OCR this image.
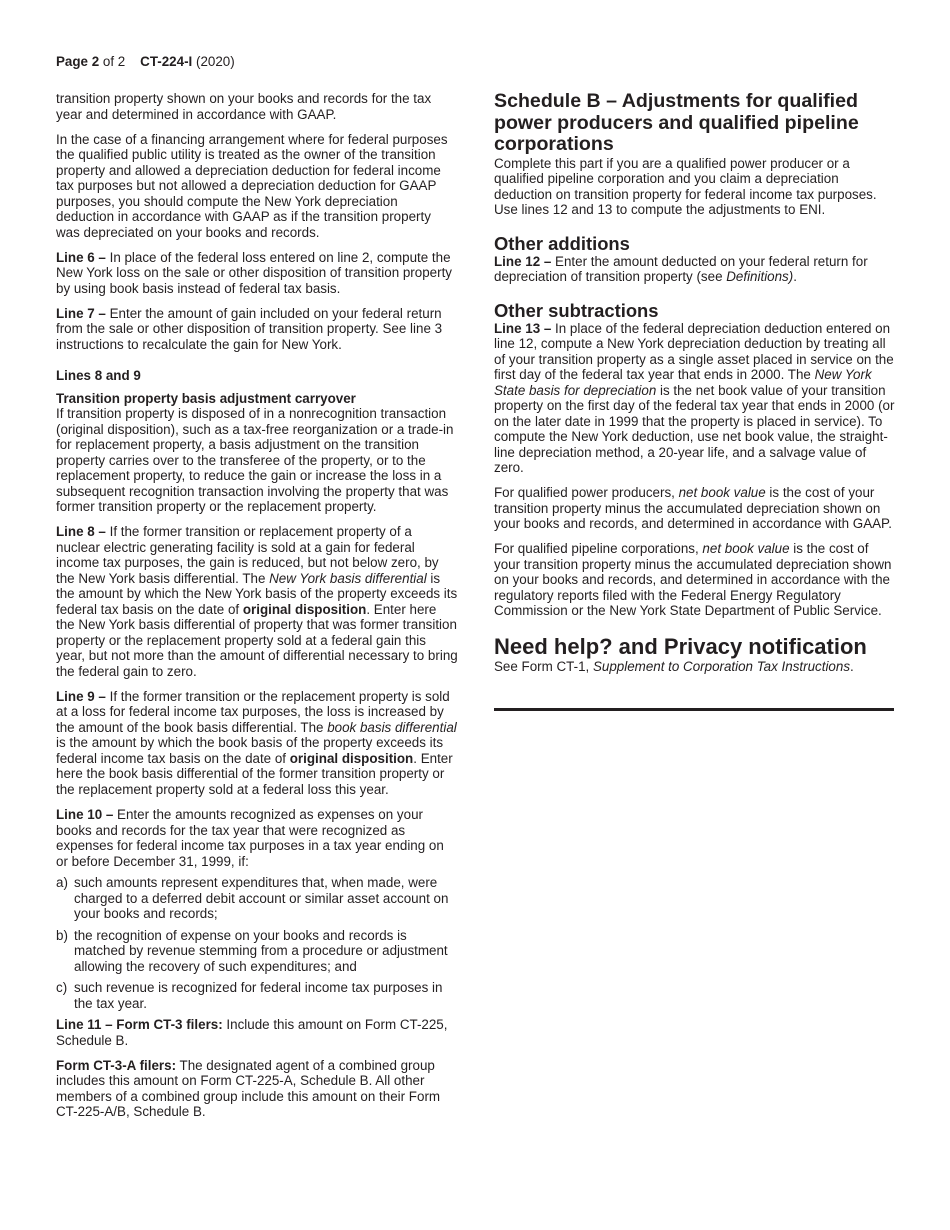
Page 2 of 2 CT-224-I (2020)

transition property shown on your books and records for the tax year and determined in accordance with GAAP.

In the case of a financing arrangement where for federal purposes the qualified public utility is treated as the owner of the transition property and allowed a depreciation deduction for federal income tax purposes but not allowed a depreciation deduction for GAAP purposes, you should compute the New York depreciation deduction in accordance with GAAP as if the transition property was depreciated on your books and records.

Line 6 – In place of the federal loss entered on line 2, compute the New York loss on the sale or other disposition of transition property by using book basis instead of federal tax basis.

Line 7 – Enter the amount of gain included on your federal return from the sale or other disposition of transition property. See line 3 instructions to recalculate the gain for New York.

Lines 8 and 9

Transition property basis adjustment carryover

If transition property is disposed of in a nonrecognition transaction (original disposition), such as a tax-free reorganization or a trade-in for replacement property, a basis adjustment on the transition property carries over to the transferee of the property, or to the replacement property, to reduce the gain or increase the loss in a subsequent recognition transaction involving the property that was former transition property or the replacement property.

Line 8 – If the former transition or replacement property of a nuclear electric generating facility is sold at a gain for federal income tax purposes, the gain is reduced, but not below zero, by the New York basis differential. The New York basis differential is the amount by which the New York basis of the property exceeds its federal tax basis on the date of original disposition. Enter here the New York basis differential of property that was former transition property or the replacement property sold at a federal gain this year, but not more than the amount of differential necessary to bring the federal gain to zero.

Line 9 – If the former transition or the replacement property is sold at a loss for federal income tax purposes, the loss is increased by the amount of the book basis differential. The book basis differential is the amount by which the book basis of the property exceeds its federal income tax basis on the date of original disposition. Enter here the book basis differential of the former transition property or the replacement property sold at a federal loss this year.

Line 10 – Enter the amounts recognized as expenses on your books and records for the tax year that were recognized as expenses for federal income tax purposes in a tax year ending on or before December 31, 1999, if:

a) such amounts represent expenditures that, when made, were charged to a deferred debit account or similar asset account on your books and records;
b) the recognition of expense on your books and records is matched by revenue stemming from a procedure or adjustment allowing the recovery of such expenditures; and
c) such revenue is recognized for federal income tax purposes in the tax year.

Line 11 – Form CT-3 filers: Include this amount on Form CT-225, Schedule B.

Form CT-3-A filers: The designated agent of a combined group includes this amount on Form CT-225-A, Schedule B. All other members of a combined group include this amount on their Form CT-225-A/B, Schedule B.

Schedule B – Adjustments for qualified power producers and qualified pipeline corporations

Complete this part if you are a qualified power producer or a qualified pipeline corporation and you claim a depreciation deduction on transition property for federal income tax purposes. Use lines 12 and 13 to compute the adjustments to ENI.

Other additions

Line 12 – Enter the amount deducted on your federal return for depreciation of transition property (see Definitions).

Other subtractions

Line 13 – In place of the federal depreciation deduction entered on line 12, compute a New York depreciation deduction by treating all of your transition property as a single asset placed in service on the first day of the federal tax year that ends in 2000. The New York State basis for depreciation is the net book value of your transition property on the first day of the federal tax year that ends in 2000 (or on the later date in 1999 that the property is placed in service). To compute the New York deduction, use net book value, the straight-line depreciation method, a 20-year life, and a salvage value of zero.

For qualified power producers, net book value is the cost of your transition property minus the accumulated depreciation shown on your books and records, and determined in accordance with GAAP.

For qualified pipeline corporations, net book value is the cost of your transition property minus the accumulated depreciation shown on your books and records, and determined in accordance with the regulatory reports filed with the Federal Energy Regulatory Commission or the New York State Department of Public Service.

Need help? and Privacy notification

See Form CT-1, Supplement to Corporation Tax Instructions.
